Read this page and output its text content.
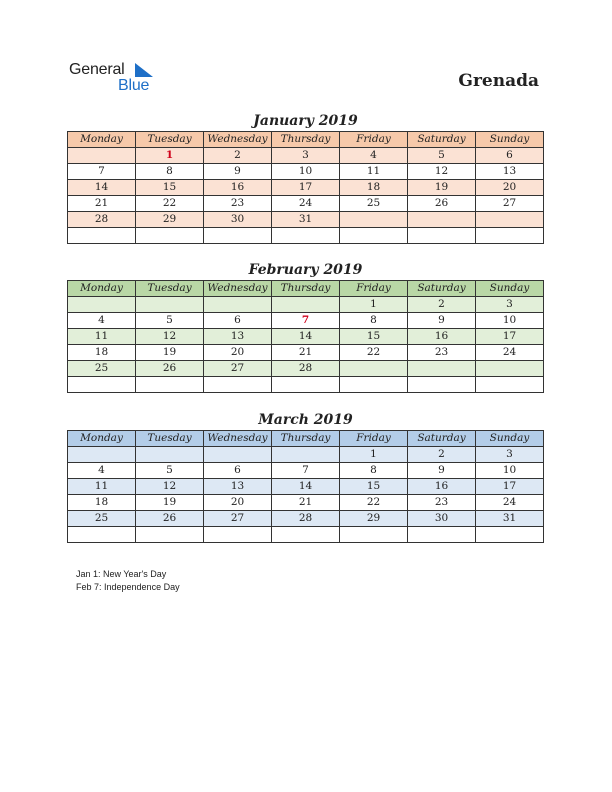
General
Blue	Grenada
January 2019
Monday	Tuesday	Wednesday	Thursday	Friday	Saturday	Sunday
	1	2	3	4	5	6
7	8	9	10	11	12	13
14	15	16	17	18	19	20
21	22	23	24	25	26	27
28	29	30	31			

February 2019
Monday	Tuesday	Wednesday	Thursday	Friday	Saturday	Sunday
				1	2	3
4	5	6	7	8	9	10
11	12	13	14	15	16	17
18	19	20	21	22	23	24
25	26	27	28			

March 2019
Monday	Tuesday	Wednesday	Thursday	Friday	Saturday	Sunday
				1	2	3
4	5	6	7	8	9	10
11	12	13	14	15	16	17
18	19	20	21	22	23	24
25	26	27	28	29	30	31

Jan 1: New Year's Day
Feb 7: Independence Day
